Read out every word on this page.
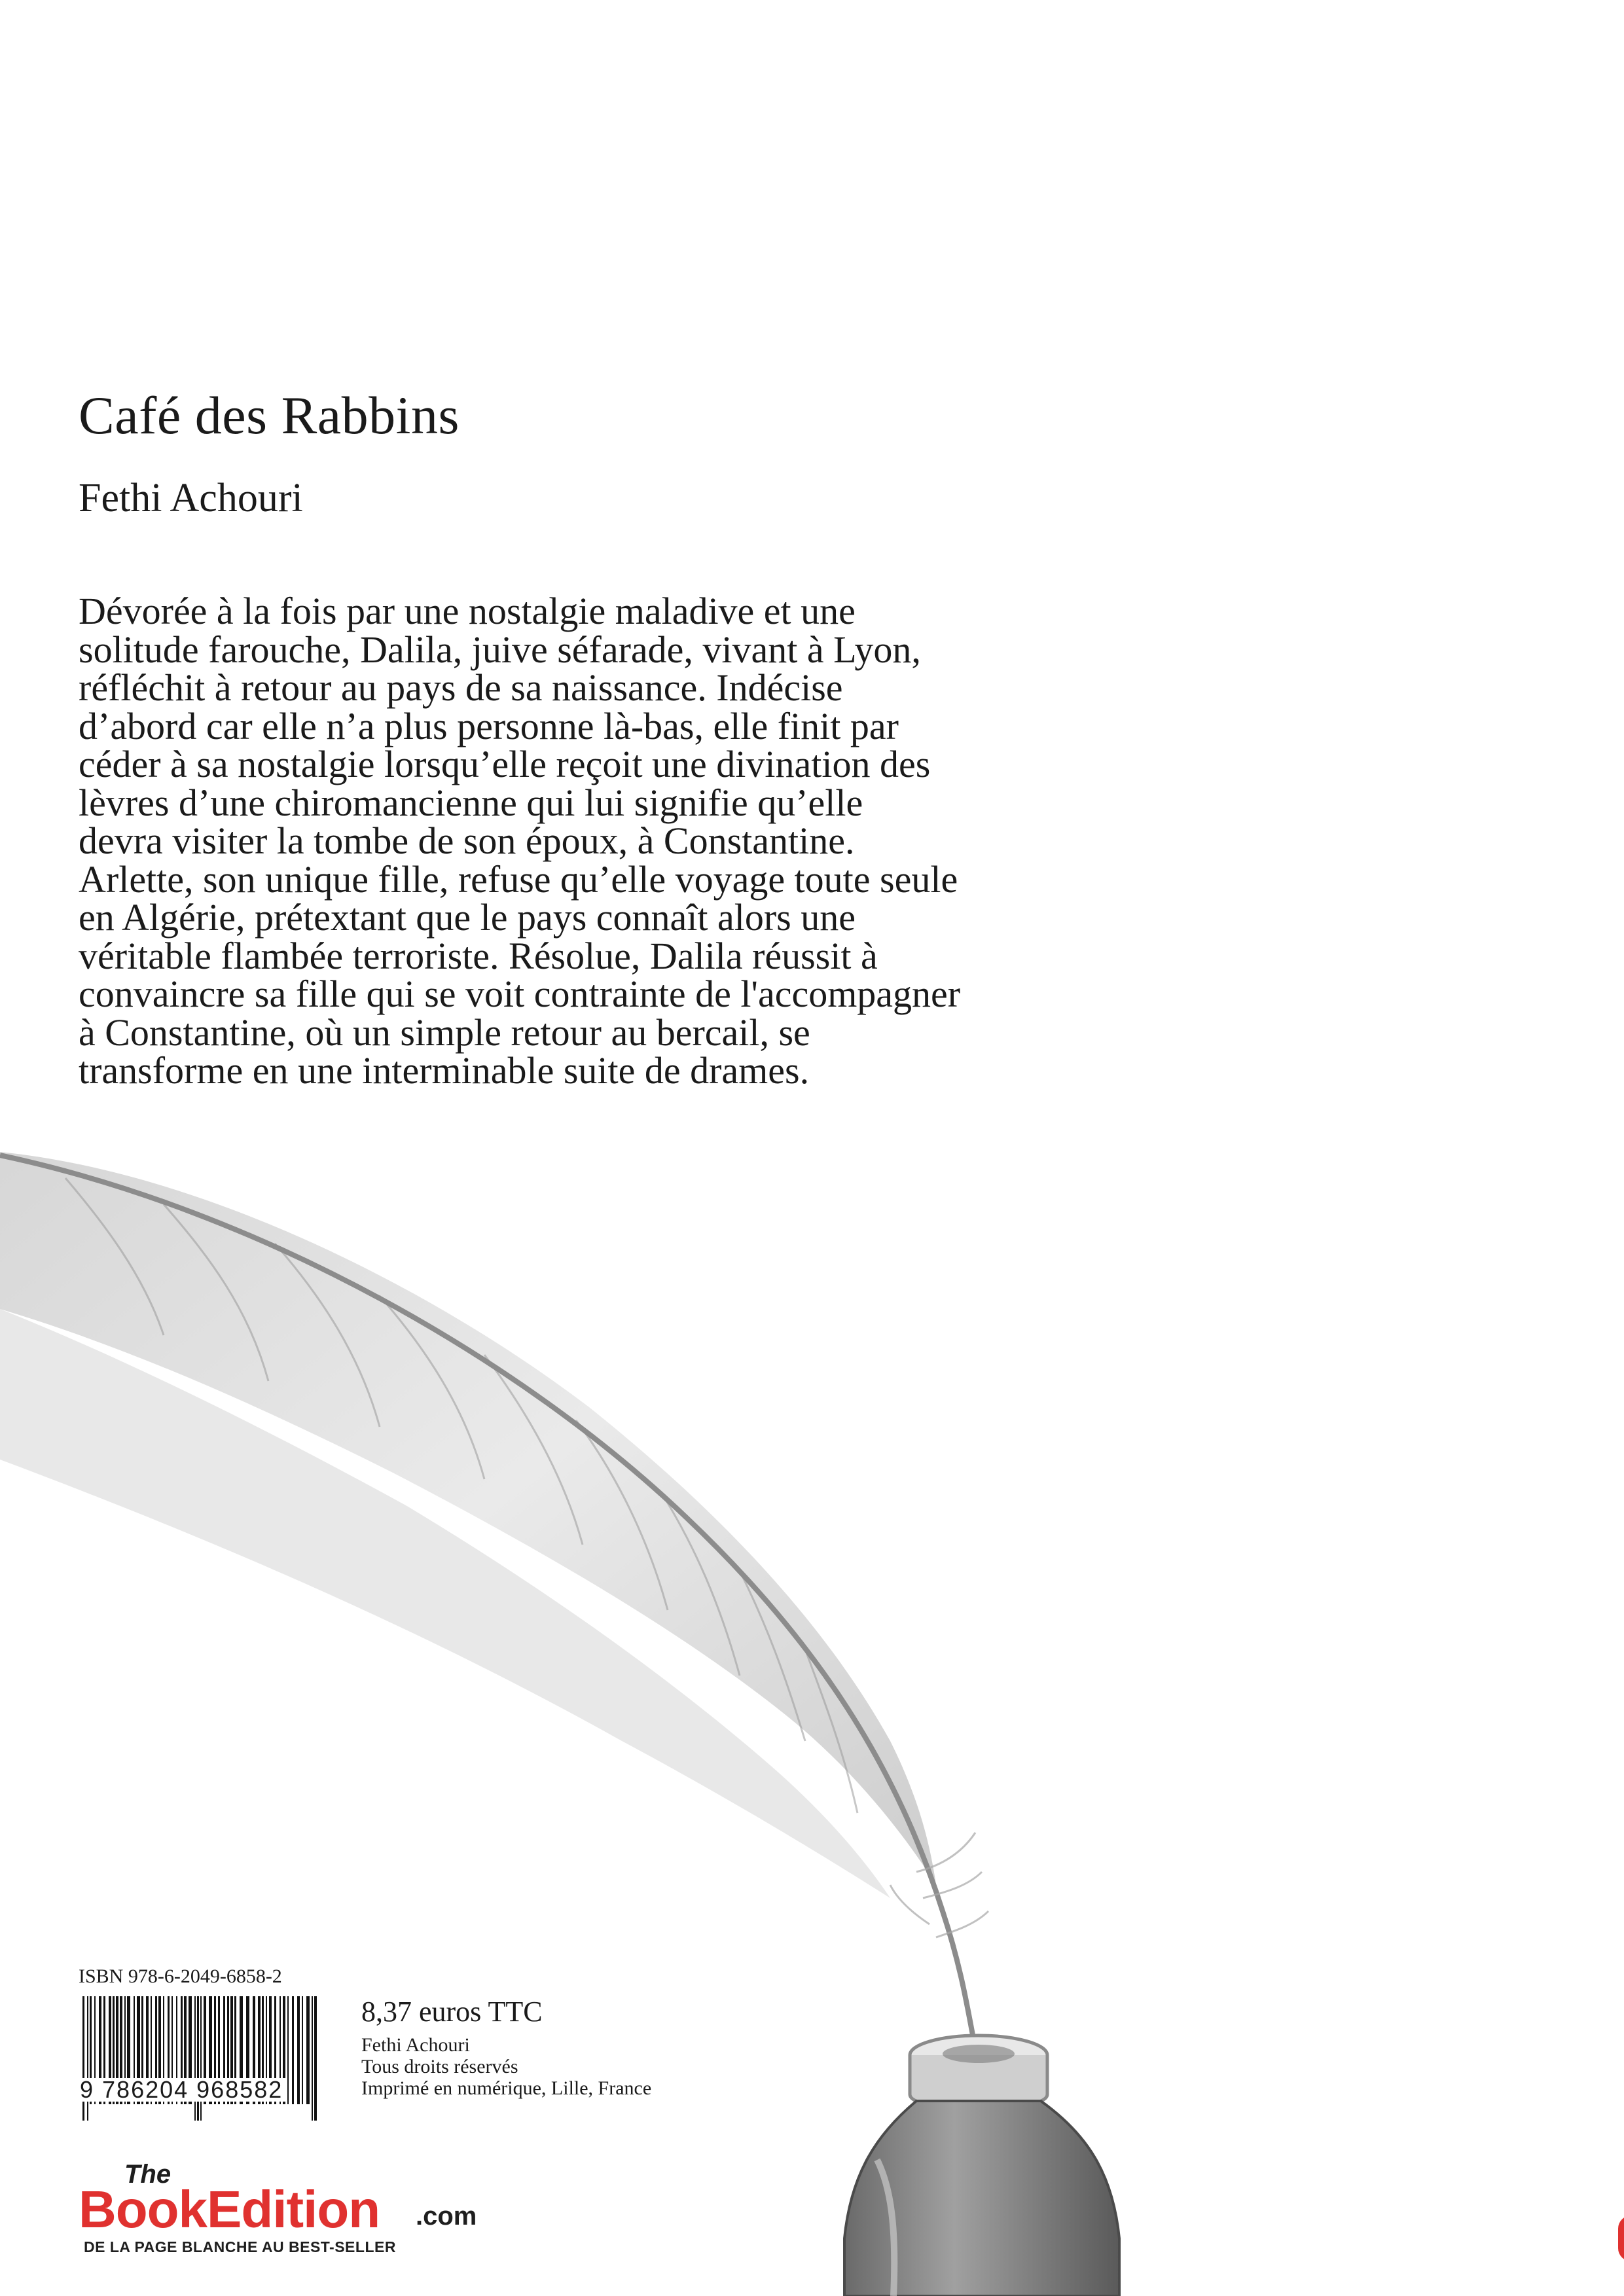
Café des Rabbins

Fethi Achouri

Dévorée à la fois par une nostalgie maladive et une
solitude farouche, Dalila, juive séfarade, vivant à Lyon,
réfléchit à retour au pays de sa naissance. Indécise
d’abord car elle n’a plus personne là-bas, elle finit par
céder à sa nostalgie lorsqu’elle reçoit une divination des
lèvres d’une chiromancienne qui lui signifie qu’elle
devra visiter la tombe de son époux, à Constantine.
Arlette, son unique fille, refuse qu’elle voyage toute seule
en Algérie, prétextant que le pays connaît alors une
véritable flambée terroriste. Résolue, Dalila réussit à
convaincre sa fille qui se voit contrainte de l'accompagner
à Constantine, où un simple retour au bercail, se
transforme en une interminable suite de drames.
ISBN 978-6-2049-6858-2
9 786204 968582
8,37 euros TTC
Fethi Achouri
Tous droits réservés
Imprimé en numérique, Lille, France
The
BookEdition .com
DE LA PAGE BLANCHE AU BEST-SELLER
